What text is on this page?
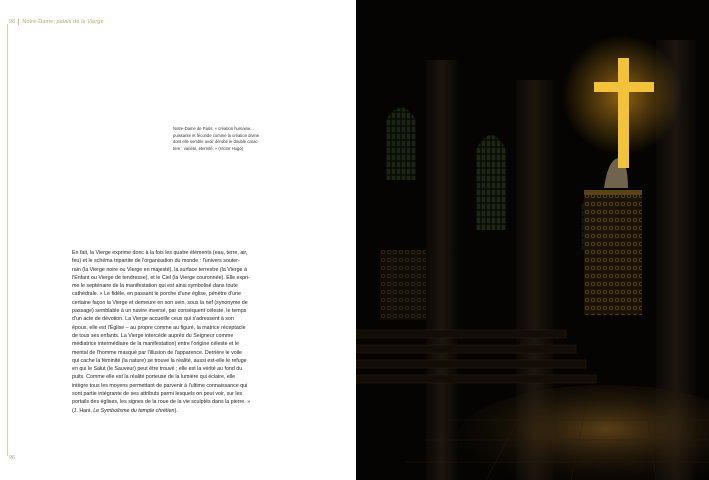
96 Notre-Dame, palais de la Vierge

Notre-Dame de Paris, « création humaine...

puissante et féconde comme la création divine

dont elle semble avoir dérobé le double carac-

tère : variété, éternité. » (Victor Hugo)

En fait, la Vierge exprime donc à la fois les quatre éléments (eau, terre, air,

feu) et le schéma tripartite de l'organisation du monde : l'univers souter-

rain (la Vierge noire ou Vierge en majesté), la surface terrestre (la Vierge à

l'Enfant ou Vierge de tendresse), et le Ciel (la Vierge couronnée). Elle expri-

me le septénaire de la manifestation qui est ainsi symbolisé dans toute

cathédrale. « Le fidèle, en passant le porche d'une église, pénètre d'une

certaine façon la Vierge et demeure en son sein, sous la nef (synonyme de

passage) semblable à un navire inversé, par conséquent céleste, le temps

d'un acte de dévotion. La Vierge accueille ceux qui s'adressent à son

époux, elle est l'Église – au propre comme au figuré, la matrice réceptacle

de tous ses enfants. La Vierge intercède auprès du Seigneur comme

médiatrice intermédiaire de la manifestation) entre l'origine céleste et le

mental de l'homme masqué par l'illusion de l'apparence. Derrière le voile

qui cache la féminité (la nature) se trouve la réalité, aussi est-elle le refuge

en qui le Salut (le Sauveur) peut être trouvé ; elle est la vérité au fond du

puits. Comme elle est la réalité porteuse de la lumière qui éclaire, elle

intègre tous les moyens permettant de parvenir à l'ultime connaissance qui

sont partie intégrante de ses attributs parmi lesquels on peut voir, sur les

portails des églises, les signes de la roue de la vie sculptés dans la pierre. »

(J. Hani, Le Symbolisme du temple chrétien).

96
